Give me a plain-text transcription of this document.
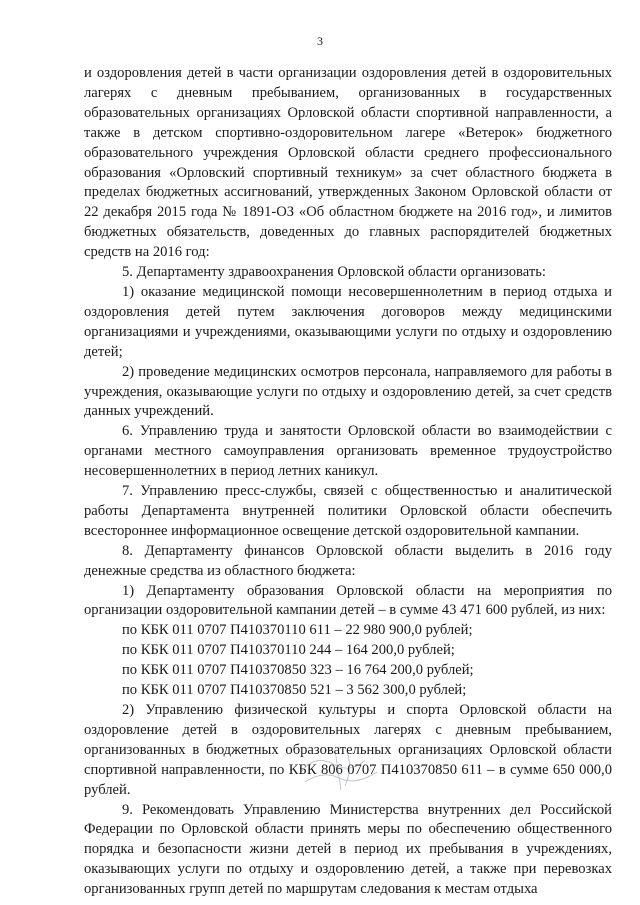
3

и оздоровления детей в части организации оздоровления детей в оздоровительных лагерях с дневным пребыванием, организованных в государственных образовательных организациях Орловской области спортивной направленности, а также в детском спортивно-оздоровительном лагере «Ветерок» бюджетного образовательного учреждения Орловской области среднего профессионального образования «Орловский спортивный техникум» за счет областного бюджета в пределах бюджетных ассигнований, утвержденных Законом Орловской области от 22 декабря 2015 года № 1891-ОЗ «Об областном бюджете на 2016 год», и лимитов бюджетных обязательств, доведенных до главных распорядителей бюджетных средств на 2016 год:

5. Департаменту здравоохранения Орловской области организовать:

1) оказание медицинской помощи несовершеннолетним в период отдыха и оздоровления детей путем заключения договоров между медицинскими организациями и учреждениями, оказывающими услуги по отдыху и оздоровлению детей;

2) проведение медицинских осмотров персонала, направляемого для работы в учреждения, оказывающие услуги по отдыху и оздоровлению детей, за счет средств данных учреждений.

6. Управлению труда и занятости Орловской области во взаимодействии с органами местного самоуправления организовать временное трудоустройство несовершеннолетних в период летних каникул.

7. Управлению пресс-службы, связей с общественностью и аналитической работы Департамента внутренней политики Орловской области обеспечить всестороннее информационное освещение детской оздоровительной кампании.

8. Департаменту финансов Орловской области выделить в 2016 году денежные средства из областного бюджета:

1) Департаменту образования Орловской области на мероприятия по организации оздоровительной кампании детей – в сумме 43 471 600 рублей, из них:

по КБК 011 0707 П410370110 611 – 22 980 900,0 рублей;

по КБК 011 0707 П410370110 244 – 164 200,0 рублей;

по КБК 011 0707 П410370850 323 – 16 764 200,0 рублей;

по КБК 011 0707 П410370850 521 – 3 562 300,0 рублей;

2) Управлению физической культуры и спорта Орловской области на оздоровление детей в оздоровительных лагерях с дневным пребыванием, организованных в бюджетных образовательных организациях Орловской области спортивной направленности, по КБК 806 0707 П410370850 611 – в сумме 650 000,0 рублей.

9. Рекомендовать Управлению Министерства внутренних дел Российской Федерации по Орловской области принять меры по обеспечению общественного порядка и безопасности жизни детей в период их пребывания в учреждениях, оказывающих услуги по отдыху и оздоровлению детей, а также при перевозках организованных групп детей по маршрутам следования к местам отдыха
